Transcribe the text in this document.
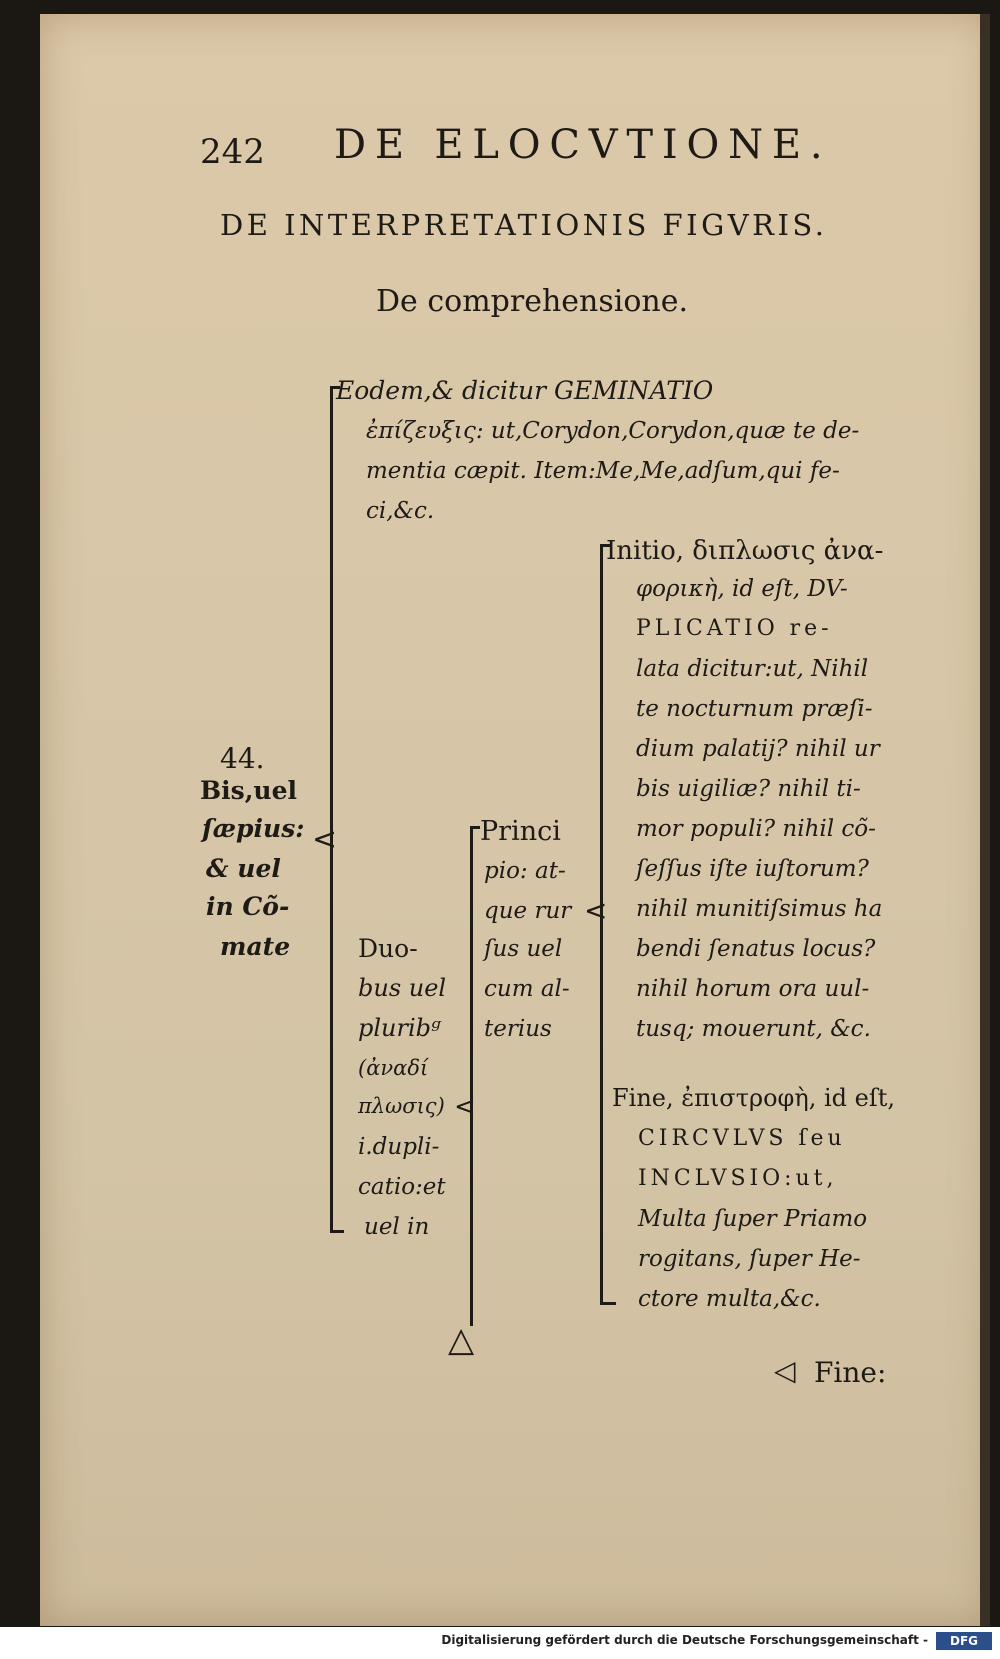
242 DE ELOCVTIONE.
DE INTERPRETATIONIS FIGVRIS.
De comprehensione.
44.
Bis,uel
ſæpius:
& uel
in Cõ-
mate
<
Eodem,& dicitur GEMINATIO
ἐπίζευξις: ut,Corydon,Corydon,quæ te de-
mentia cæpit. Item:Me,Me,adſum,qui fe-
ci,&c.
Duo-
bus uel
pluribᵍ
(ἀναδί
πλωσις)
i.dupli-
catio:et
uel in
<
△
Princi
pio: at-
que rur
ſus uel
cum al-
terius
<
Initio, διπλωσις ἀνα-
φορικὴ, id eſt, DV-
PLICATIO re-
lata dicitur:ut, Nihil
te nocturnum præſi-
dium palatij? nihil ur
bis uigiliæ? nihil ti-
mor populi? nihil cõ-
ſeſſus iſte iuſtorum?
nihil munitiſsimus ha
bendi ſenatus locus?
nihil horum ora uul-
tusq; mouerunt, &c.
Fine, ἐπιστροφὴ, id eſt,
CIRCVLVS ſeu
INCLVSIO:ut,
Multa ſuper Priamo
rogitans, ſuper He-
ctore multa,&c.
◁ Fine:
Digitalisierung gefördert durch die Deutsche Forschungsgemeinschaft -	DFG
